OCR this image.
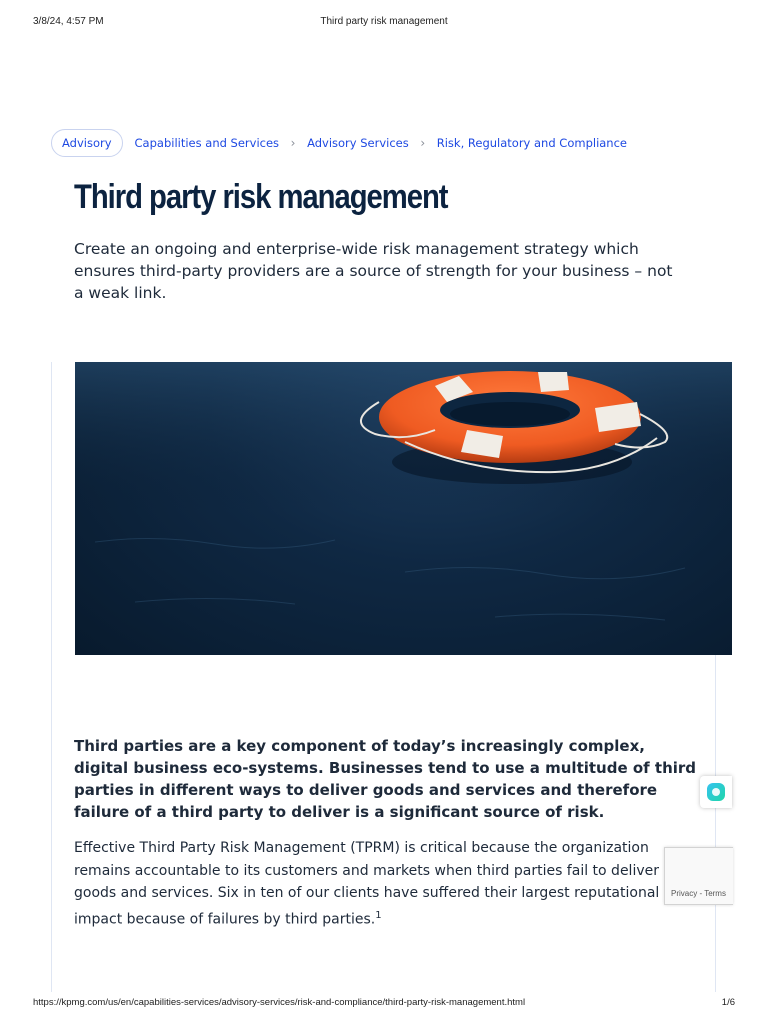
3/8/24, 4:57 PM	Third party risk management
Advisory	Capabilities and Services ›	Advisory Services ›	Risk, Regulatory and Compliance
Third party risk management

Create an ongoing and enterprise-wide risk management strategy which ensures third-party providers are a source of strength for your business – not a weak link.

Third parties are a key component of today’s increasingly complex, digital business eco-systems. Businesses tend to use a multitude of third parties in different ways to deliver goods and services and therefore failure of a third party to deliver is a significant source of risk.

Effective Third Party Risk Management (TPRM) is critical because the organization remains accountable to its customers and markets when third parties fail to deliver goods and services. Six in ten of our clients have suffered their largest reputational impact because of failures by third parties.$^1$

Privacy - Terms
https://kpmg.com/us/en/capabilities-services/advisory-services/risk-and-compliance/third-party-risk-management.html	1/6
